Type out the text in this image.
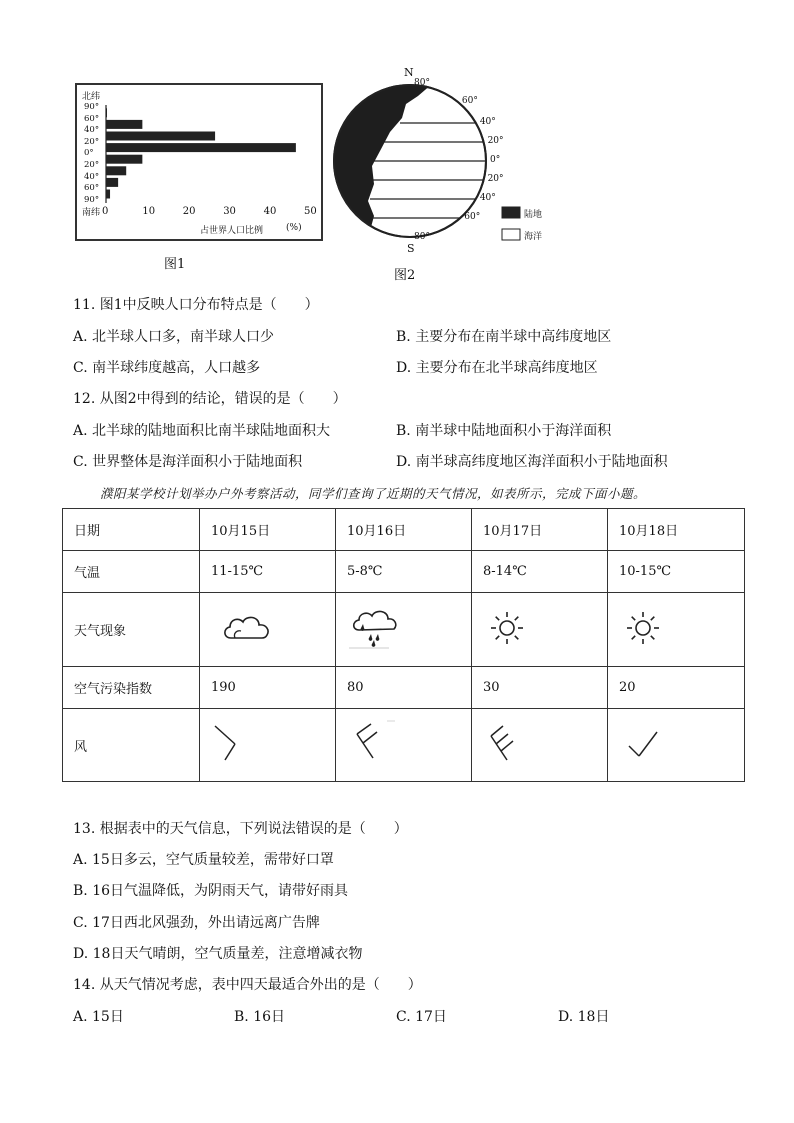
北纬
南纬
90°
60°
40°
20°
0°
20°
40°
60°
90°
0	10	20	30	40	50
占世界人口比例	(%)
图1
N
S
80°
60°
40°
20°
0°
20°
40°
60°
80°
陆地
海洋
图2
11. 图1中反映人口分布特点是（　　）
A. 北半球人口多，南半球人口少	B. 主要分布在南半球中高纬度地区
C. 南半球纬度越高，人口越多	D. 主要分布在北半球高纬度地区
12. 从图2中得到的结论，错误的是（　　）
A. 北半球的陆地面积比南半球陆地面积大	B. 南半球中陆地面积小于海洋面积
C. 世界整体是海洋面积小于陆地面积	D. 南半球高纬度地区海洋面积小于陆地面积
濮阳某学校计划举办户外考察活动，同学们查询了近期的天气情况，如表所示，完成下面小题。
日期	10月15日	10月16日	10月17日	10月18日
气温	11-15℃	5-8℃	8-14℃	10-15℃
天气现象				
空气污染指数	190	80	30	20
风				
13. 根据表中的天气信息，下列说法错误的是（　　）
A. 15日多云，空气质量较差，需带好口罩
B. 16日气温降低，为阴雨天气，请带好雨具
C. 17日西北风强劲，外出请远离广告牌
D. 18日天气晴朗，空气质量差，注意增减衣物
14. 从天气情况考虑，表中四天最适合外出的是（　　）
A. 15日	B. 16日	C. 17日	D. 18日
